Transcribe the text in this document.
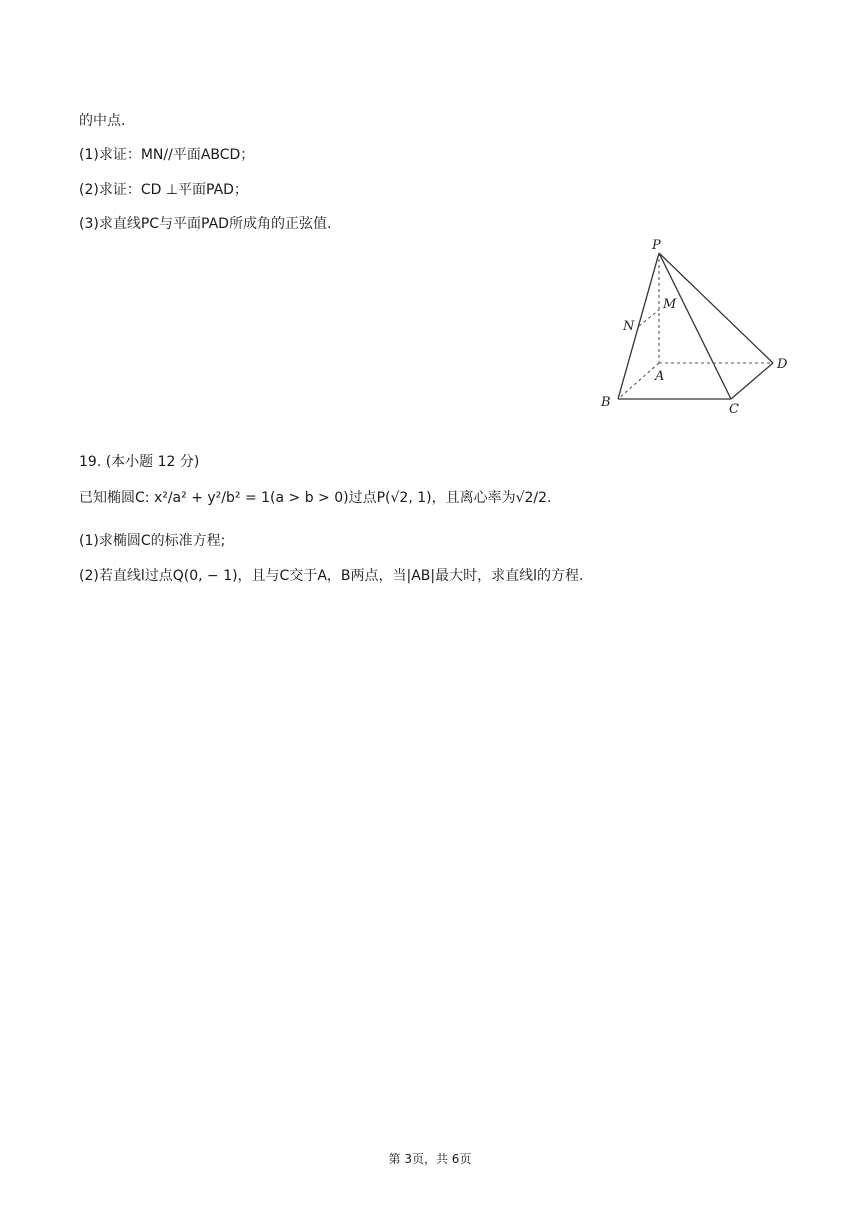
的中点.
(1)求证：MN//平面ABCD；
(2)求证：CD ⊥平面PAD；
(3)求直线PC与平面PAD所成角的正弦值.
P
M
N
A
B	C
D
19. (本小题 12 分)
已知椭圆C: x²/a² + y²/b² = 1(a > b > 0)过点P(√2, 1)，且离心率为√2/2.
(1)求椭圆C的标准方程;
(2)若直线l过点Q(0, − 1)，且与C交于A，B两点，当|AB|最大时，求直线l的方程.
第 3页，共 6页
